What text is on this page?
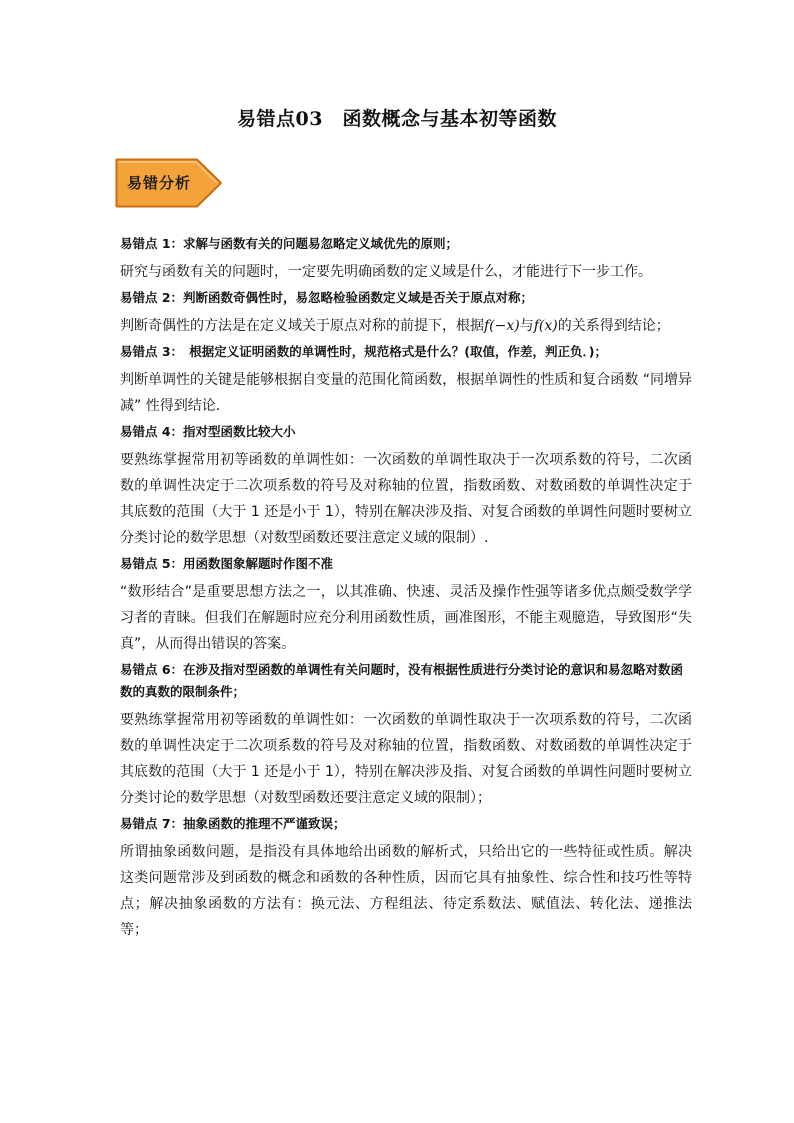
易错点03　函数概念与基本初等函数
易错分析

易错点 1：求解与函数有关的问题易忽略定义域优先的原则；

研究与函数有关的问题时，一定要先明确函数的定义域是什么，才能进行下一步工作。

易错点 2：判断函数奇偶性时，易忽略检验函数定义域是否关于原点对称；

判断奇偶性的方法是在定义域关于原点对称的前提下，根据f(−x)与f(x)的关系得到结论；

易错点 3：　根据定义证明函数的单调性时，规范格式是什么？(取值，作差，判正负．)；

判断单调性的关键是能够根据自变量的范围化简函数，根据单调性的性质和复合函数 “同增异减” 性得到结论.

易错点 4：指对型函数比较大小

要熟练掌握常用初等函数的单调性如：一次函数的单调性取决于一次项系数的符号，二次函数的单调性决定于二次项系数的符号及对称轴的位置，指数函数、对数函数的单调性决定于其底数的范围（大于 1 还是小于 1），特别在解决涉及指、对复合函数的单调性问题时要树立分类讨论的数学思想（对数型函数还要注意定义域的限制）.

易错点 5：用函数图象解题时作图不准

“数形结合”是重要思想方法之一，以其准确、快速、灵活及操作性强等诸多优点颇受数学学习者的青睐。但我们在解题时应充分利用函数性质，画准图形，不能主观臆造，导致图形“失真”，从而得出错误的答案。

易错点 6：在涉及指对型函数的单调性有关问题时，没有根据性质进行分类讨论的意识和易忽略对数函数的真数的限制条件；

要熟练掌握常用初等函数的单调性如：一次函数的单调性取决于一次项系数的符号，二次函数的单调性决定于二次项系数的符号及对称轴的位置，指数函数、对数函数的单调性决定于其底数的范围（大于 1 还是小于 1），特别在解决涉及指、对复合函数的单调性问题时要树立分类讨论的数学思想（对数型函数还要注意定义域的限制）；

易错点 7：抽象函数的推理不严谨致误；

所谓抽象函数问题，是指没有具体地给出函数的解析式，只给出它的一些特征或性质。解决这类问题常涉及到函数的概念和函数的各种性质，因而它具有抽象性、综合性和技巧性等特点；解决抽象函数的方法有：换元法、方程组法、待定系数法、赋值法、转化法、递推法等；
